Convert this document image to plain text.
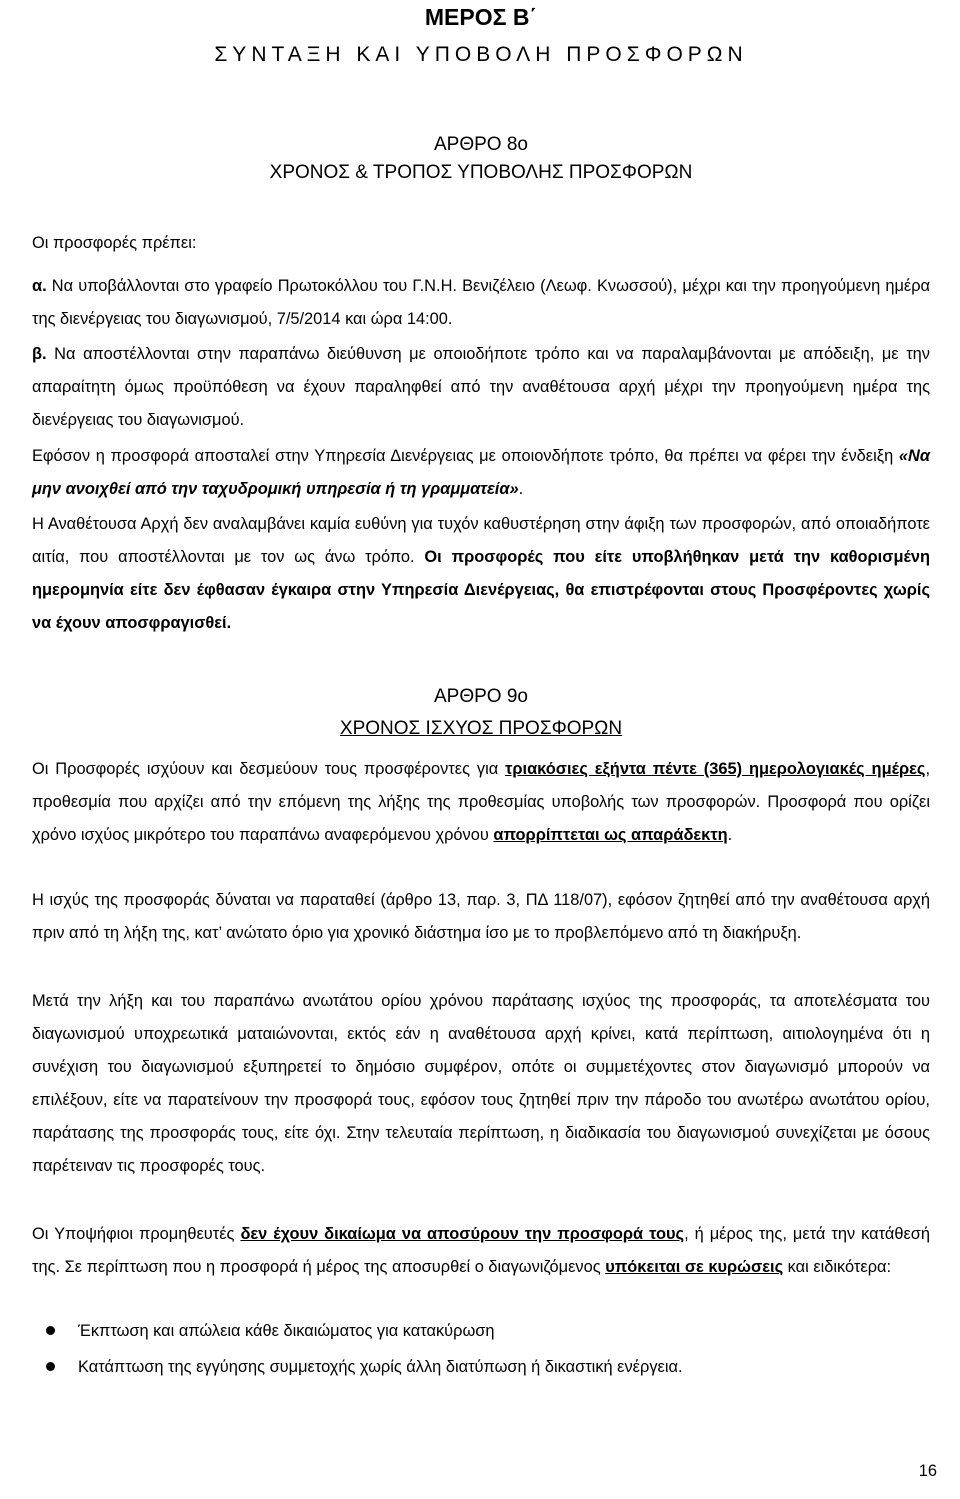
ΜΕΡΟΣ Β΄

ΣΥΝΤΑΞΗ ΚΑΙ ΥΠΟΒΟΛΗ ΠΡΟΣΦΟΡΩΝ

ΑΡΘΡΟ 8ο

ΧΡΟΝΟΣ & ΤΡΟΠΟΣ ΥΠΟΒΟΛΗΣ ΠΡΟΣΦΟΡΩΝ

Οι προσφορές πρέπει:

α. Να υποβάλλονται στο γραφείο Πρωτοκόλλου του Γ.Ν.Η. Βενιζέλειο (Λεωφ. Κνωσσού), μέχρι και την προηγούμενη ημέρα της διενέργειας του διαγωνισμού, 7/5/2014 και ώρα 14:00.

β. Να αποστέλλονται στην παραπάνω διεύθυνση με οποιοδήποτε τρόπο και να παραλαμβάνονται με απόδειξη, με την απαραίτητη όμως προϋπόθεση να έχουν παραληφθεί από την αναθέτουσα αρχή μέχρι την προηγούμενη ημέρα της διενέργειας του διαγωνισμού.

Εφόσον η προσφορά αποσταλεί στην Υπηρεσία Διενέργειας με οποιονδήποτε τρόπο, θα πρέπει να φέρει την ένδειξη «Να μην ανοιχθεί από την ταχυδρομική υπηρεσία ή τη γραμματεία».

Η Αναθέτουσα Αρχή δεν αναλαμβάνει καμία ευθύνη για τυχόν καθυστέρηση στην άφιξη των προσφορών, από οποιαδήποτε αιτία, που αποστέλλονται με τον ως άνω τρόπο. Οι προσφορές που είτε υποβλήθηκαν μετά την καθορισμένη ημερομηνία είτε δεν έφθασαν έγκαιρα στην Υπηρεσία Διενέργειας, θα επιστρέφονται στους Προσφέροντες χωρίς να έχουν αποσφραγισθεί.

ΑΡΘΡΟ 9ο

ΧΡΟΝΟΣ ΙΣΧΥΟΣ ΠΡΟΣΦΟΡΩΝ

Οι Προσφορές ισχύουν και δεσμεύουν τους προσφέροντες για τριακόσιες εξήντα πέντε (365) ημερολογιακές ημέρες, προθεσμία που αρχίζει από την επόμενη της λήξης της προθεσμίας υποβολής των προσφορών. Προσφορά που ορίζει χρόνο ισχύος μικρότερο του παραπάνω αναφερόμενου χρόνου απορρίπτεται ως απαράδεκτη.

Η ισχύς της προσφοράς δύναται να παραταθεί (άρθρο 13, παρ. 3, ΠΔ 118/07), εφόσον ζητηθεί από την αναθέτουσα αρχή πριν από τη λήξη της, κατ’ ανώτατο όριο για χρονικό διάστημα ίσο με το προβλεπόμενο από τη διακήρυξη.

Μετά την λήξη και του παραπάνω ανωτάτου ορίου χρόνου παράτασης ισχύος της προσφοράς, τα αποτελέσματα του διαγωνισμού υποχρεωτικά ματαιώνονται, εκτός εάν η αναθέτουσα αρχή κρίνει, κατά περίπτωση, αιτιολογημένα ότι η συνέχιση του διαγωνισμού εξυπηρετεί το δημόσιο συμφέρον, οπότε οι συμμετέχοντες στον διαγωνισμό μπορούν να επιλέξουν, είτε να παρατείνουν την προσφορά τους, εφόσον τους ζητηθεί πριν την πάροδο του ανωτέρω ανωτάτου ορίου, παράτασης της προσφοράς τους, είτε όχι. Στην τελευταία περίπτωση, η διαδικασία του διαγωνισμού συνεχίζεται με όσους παρέτειναν τις προσφορές τους.

Οι Υποψήφιοι προμηθευτές δεν έχουν δικαίωμα να αποσύρουν την προσφορά τους, ή μέρος της, μετά την κατάθεσή της. Σε περίπτωση που η προσφορά ή μέρος της αποσυρθεί ο διαγωνιζόμενος υπόκειται σε κυρώσεις και ειδικότερα:

Έκπτωση και απώλεια κάθε δικαιώματος για κατακύρωση
Κατάπτωση της εγγύησης συμμετοχής χωρίς άλλη διατύπωση ή δικαστική ενέργεια.
16
